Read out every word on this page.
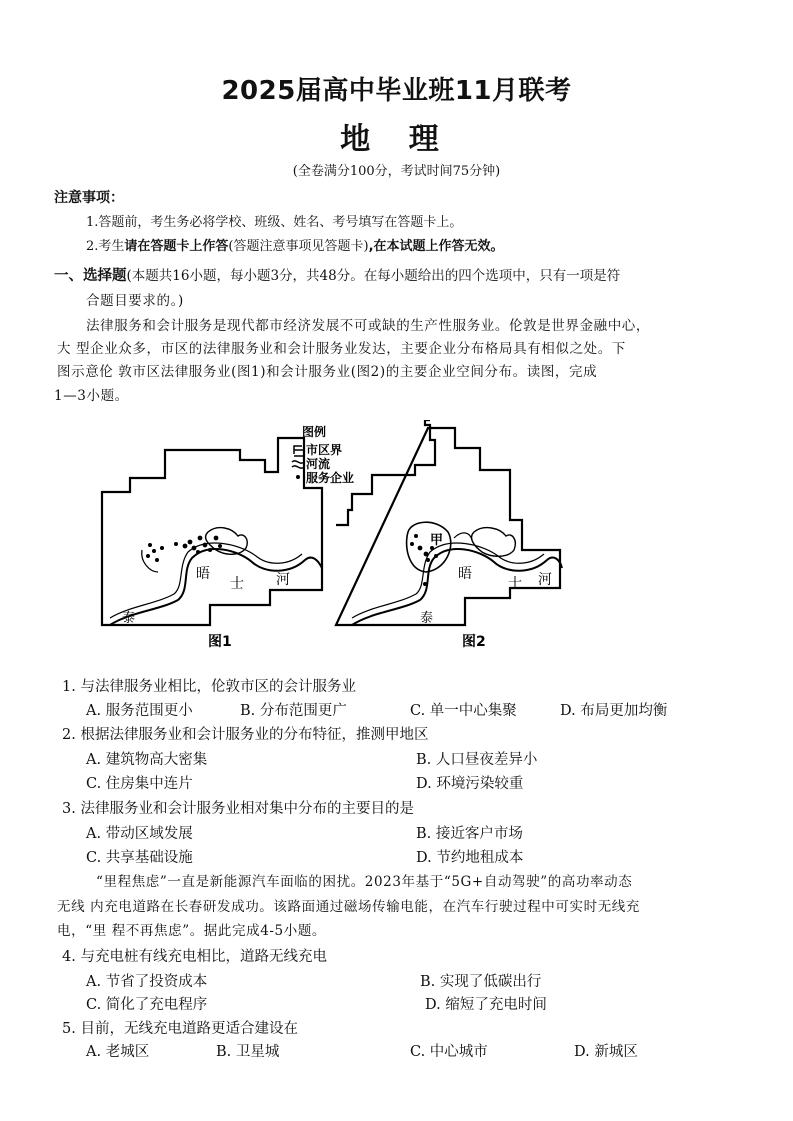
2025届高中毕业班11月联考
地 理
(全卷满分100分，考试时间75分钟)
注意事项：
1.答题前，考生务必将学校、班级、姓名、考号填写在答题卡上。
2.考生请在答题卡上作答(答题注意事项见答题卡),在本试题上作答无效。
一、选择题(本题共16小题，每小题3分，共48分。在每小题给出的四个选项中，只有一项是符
合题目要求的。)
法律服务和会计服务是现代都市经济发展不可或缺的生产性服务业。伦敦是世界金融中心，
大 型企业众多，市区的法律服务业和会计服务业发达，主要企业分布格局具有相似之处。下
图示意伦 敦市区法律服务业(图1)和会计服务业(图2)的主要企业空间分布。读图，完成
1—3小题。
晤
士 河
泰
晤
士 河
泰
甲
图例
市区界
河流
服务企业
图1	图2
1. 与法律服务业相比，伦敦市区的会计服务业
A. 服务范围更小	B. 分布范围更广	C. 单一中心集聚	D. 布局更加均衡
2. 根据法律服务业和会计服务业的分布特征，推测甲地区
A. 建筑物高大密集	B. 人口昼夜差异小
C. 住房集中连片	D. 环境污染较重
3. 法律服务业和会计服务业相对集中分布的主要目的是
A. 带动区域发展	B. 接近客户市场
C. 共享基础设施	D. 节约地租成本
“里程焦虑”一直是新能源汽车面临的困扰。2023年基于“5G+自动驾驶”的高功率动态
无线 内充电道路在长春研发成功。该路面通过磁场传输电能，在汽车行驶过程中可实时无线充
电，“里 程不再焦虑”。据此完成4-5小题。
4. 与充电桩有线充电相比，道路无线充电
A. 节省了投资成本	B. 实现了低碳出行
C. 简化了充电程序	D. 缩短了充电时间
5. 目前，无线充电道路更适合建设在
A. 老城区	B. 卫星城	C. 中心城市	D. 新城区
